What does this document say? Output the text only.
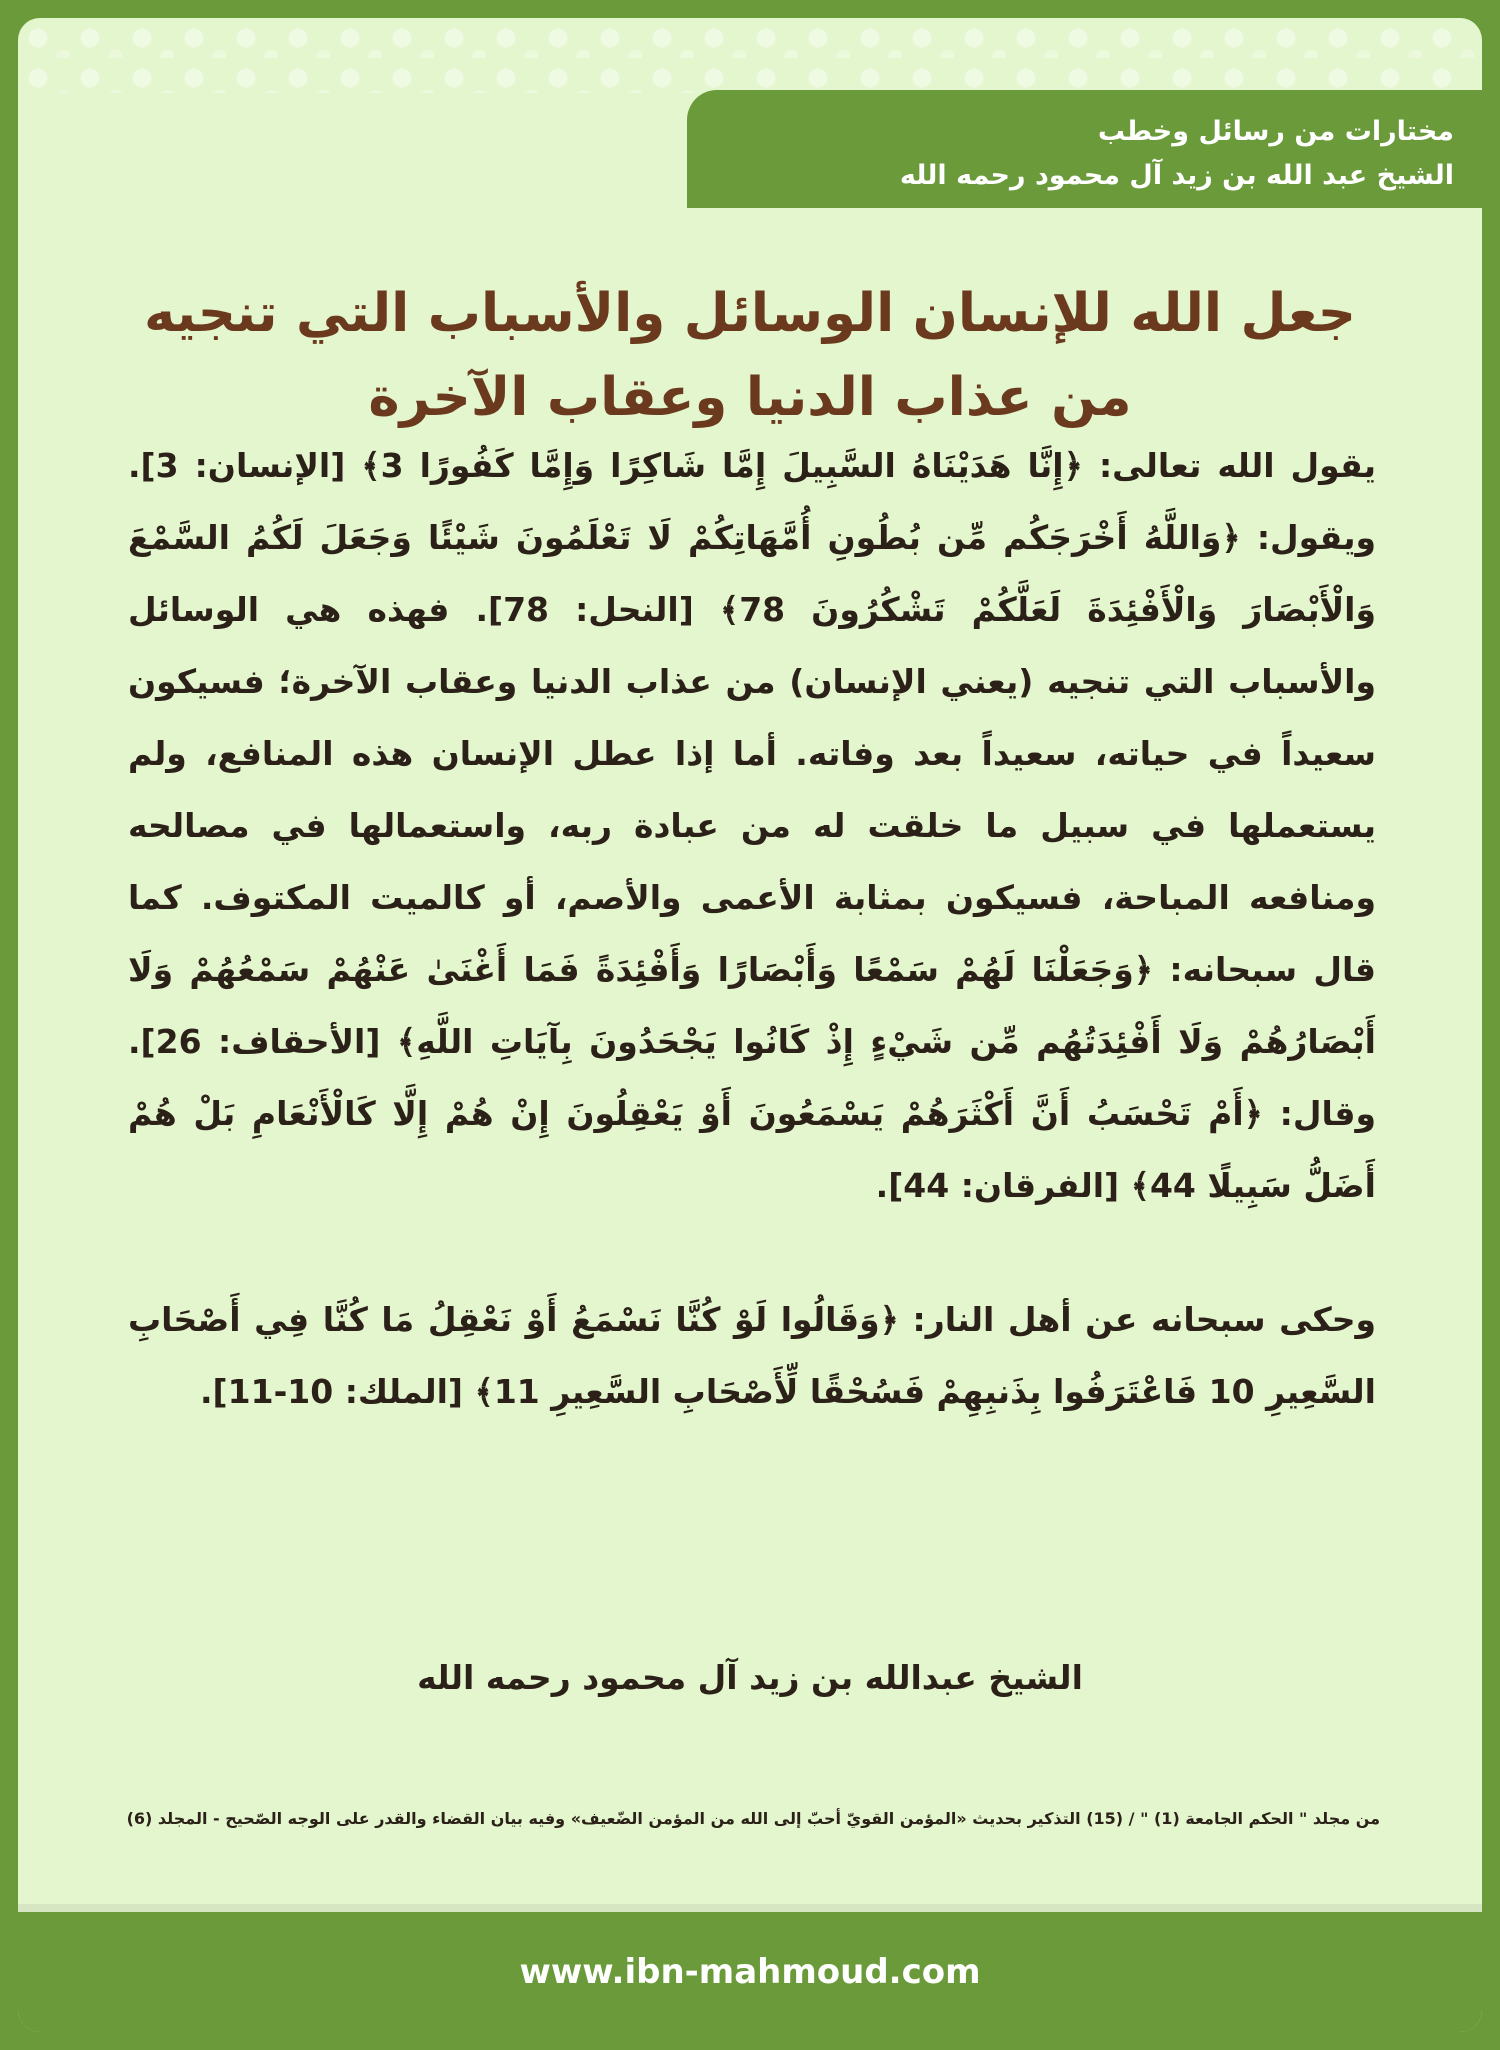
مختارات من رسائل وخطب
الشيخ عبد الله بن زيد آل محمود رحمه الله
جعل الله للإنسان الوسائل والأسباب التي تنجيه
من عذاب الدنيا وعقاب الآخرة

يقول الله تعالى: ﴿إِنَّا هَدَيْنَاهُ السَّبِيلَ إِمَّا شَاكِرًا وَإِمَّا كَفُورًا 3﴾ [الإنسان: 3]. ويقول: ﴿وَاللَّهُ أَخْرَجَكُم مِّن بُطُونِ أُمَّهَاتِكُمْ لَا تَعْلَمُونَ شَيْئًا وَجَعَلَ لَكُمُ السَّمْعَ وَالْأَبْصَارَ وَالْأَفْئِدَةَ لَعَلَّكُمْ تَشْكُرُونَ 78﴾ [النحل: 78]. فهذه هي الوسائل والأسباب التي تنجيه (يعني الإنسان) من عذاب الدنيا وعقاب الآخرة؛ فسيكون سعيداً في حياته، سعيداً بعد وفاته. أما إذا عطل الإنسان هذه المنافع، ولم يستعملها في سبيل ما خلقت له من عبادة ربه، واستعمالها في مصالحه ومنافعه المباحة، فسيكون بمثابة الأعمى والأصم، أو كالميت المكتوف. كما قال سبحانه: ﴿وَجَعَلْنَا لَهُمْ سَمْعًا وَأَبْصَارًا وَأَفْئِدَةً فَمَا أَغْنَىٰ عَنْهُمْ سَمْعُهُمْ وَلَا أَبْصَارُهُمْ وَلَا أَفْئِدَتُهُم مِّن شَيْءٍ إِذْ كَانُوا يَجْحَدُونَ بِآيَاتِ اللَّهِ﴾ [الأحقاف: 26]. وقال: ﴿أَمْ تَحْسَبُ أَنَّ أَكْثَرَهُمْ يَسْمَعُونَ أَوْ يَعْقِلُونَ إِنْ هُمْ إِلَّا كَالْأَنْعَامِ بَلْ هُمْ أَضَلُّ سَبِيلًا 44﴾ [الفرقان: 44].

وحكى سبحانه عن أهل النار: ﴿وَقَالُوا لَوْ كُنَّا نَسْمَعُ أَوْ نَعْقِلُ مَا كُنَّا فِي أَصْحَابِ السَّعِيرِ 10 فَاعْتَرَفُوا بِذَنبِهِمْ فَسُحْقًا لِّأَصْحَابِ السَّعِيرِ 11﴾ [الملك: 10-11].

الشيخ عبدالله بن زيد آل محمود رحمه الله
من مجلد " الحكم الجامعة (1) " / (15) التذكير بحديث «المؤمن القويّ أحبّ إلى الله من المؤمن الضّعيف» وفيه بيان القضاء والقدر على الوجه الصّحيح - المجلد (6)
www.ibn-mahmoud.com
